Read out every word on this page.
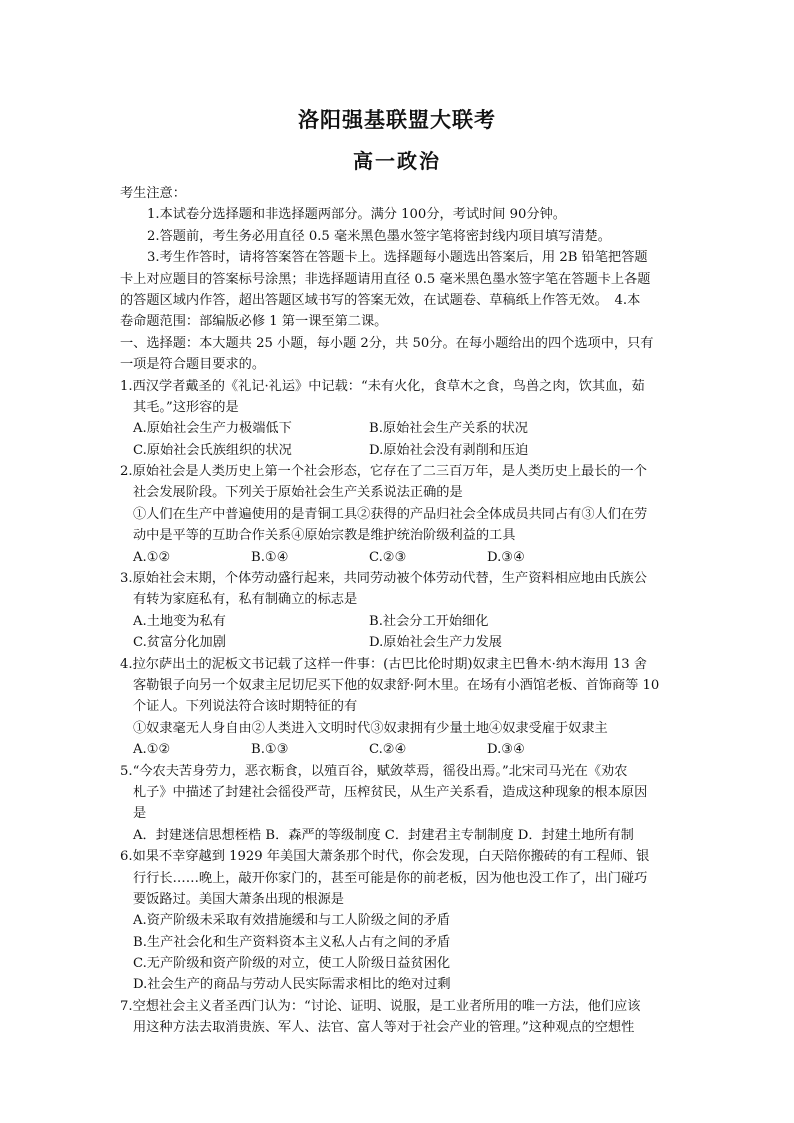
洛阳强基联盟大联考
高一政治
考生注意：
1.本试卷分选择题和非选择题两部分。满分 100分，考试时间 90分钟。
2.答题前，考生务必用直径 0.5 毫米黑色墨水签字笔将密封线内项目填写清楚。
3.考生作答时，请将答案答在答题卡上。选择题每小题选出答案后，用 2B 铅笔把答题
卡上对应题目的答案标号涂黑；非选择题请用直径 0.5 毫米黑色墨水签字笔在答题卡上各题
的答题区域内作答，超出答题区域书写的答案无效，在试题卷、草稿纸上作答无效。　4.本
卷命题范围：部编版必修 1 第一课至第二课。
一、选择题：本大题共 25 小题，每小题 2分，共 50分。在每小题给出的四个选项中，只有
一项是符合题目要求的。
1.西汉学者戴圣的《礼记·礼运》中记载：“未有火化，食草木之食，鸟兽之肉，饮其血，茹
其毛。”这形容的是
A.原始社会生产力极端低下	B.原始社会生产关系的状况
C.原始社会氏族组织的状况	D.原始社会没有剥削和压迫
2.原始社会是人类历史上第一个社会形态，它存在了二三百万年，是人类历史上最长的一个
社会发展阶段。下列关于原始社会生产关系说法正确的是
①人们在生产中普遍使用的是青铜工具②获得的产品归社会全体成员共同占有③人们在劳
动中是平等的互助合作关系④原始宗教是维护统治阶级利益的工具
A.①②	B.①④	C.②③	D.③④
3.原始社会末期，个体劳动盛行起来，共同劳动被个体劳动代替，生产资料相应地由氏族公
有转为家庭私有，私有制确立的标志是
A.土地变为私有	B.社会分工开始细化
C.贫富分化加剧	D.原始社会生产力发展
4.拉尔萨出土的泥板文书记载了这样一件事：(古巴比伦时期)奴隶主巴鲁木·纳木海用 13 舍
客勒银子向另一个奴隶主尼切尼买下他的奴隶舒·阿木里。在场有小酒馆老板、首饰商等 10
个证人。下列说法符合该时期特征的有
①奴隶毫无人身自由②人类进入文明时代③奴隶拥有少量土地④奴隶受雇于奴隶主
A.①②	B.①③	C.②④	D.③④
5.“今农夫苦身劳力，恶衣粝食，以殖百谷，赋敛萃焉，徭役出焉。”北宋司马光在《劝农
札子》中描述了封建社会徭役严苛，压榨贫民，从生产关系看，造成这种现象的根本原因
是
A．封建迷信思想桎梏 B．森严的等级制度 C．封建君主专制制度 D．封建土地所有制
6.如果不幸穿越到 1929 年美国大萧条那个时代，你会发现，白天陪你搬砖的有工程师、银
行行长……晚上，敲开你家门的，甚至可能是你的前老板，因为他也没工作了，出门碰巧
要饭路过。美国大萧条出现的根源是
A.资产阶级未采取有效措施缓和与工人阶级之间的矛盾
B.生产社会化和生产资料资本主义私人占有之间的矛盾
C.无产阶级和资产阶级的对立，使工人阶级日益贫困化
D.社会生产的商品与劳动人民实际需求相比的绝对过剩
7.空想社会主义者圣西门认为：“讨论、证明、说服，是工业者所用的唯一方法，他们应该
用这种方法去取消贵族、军人、法官、富人等对于社会产业的管理。”这种观点的空想性
